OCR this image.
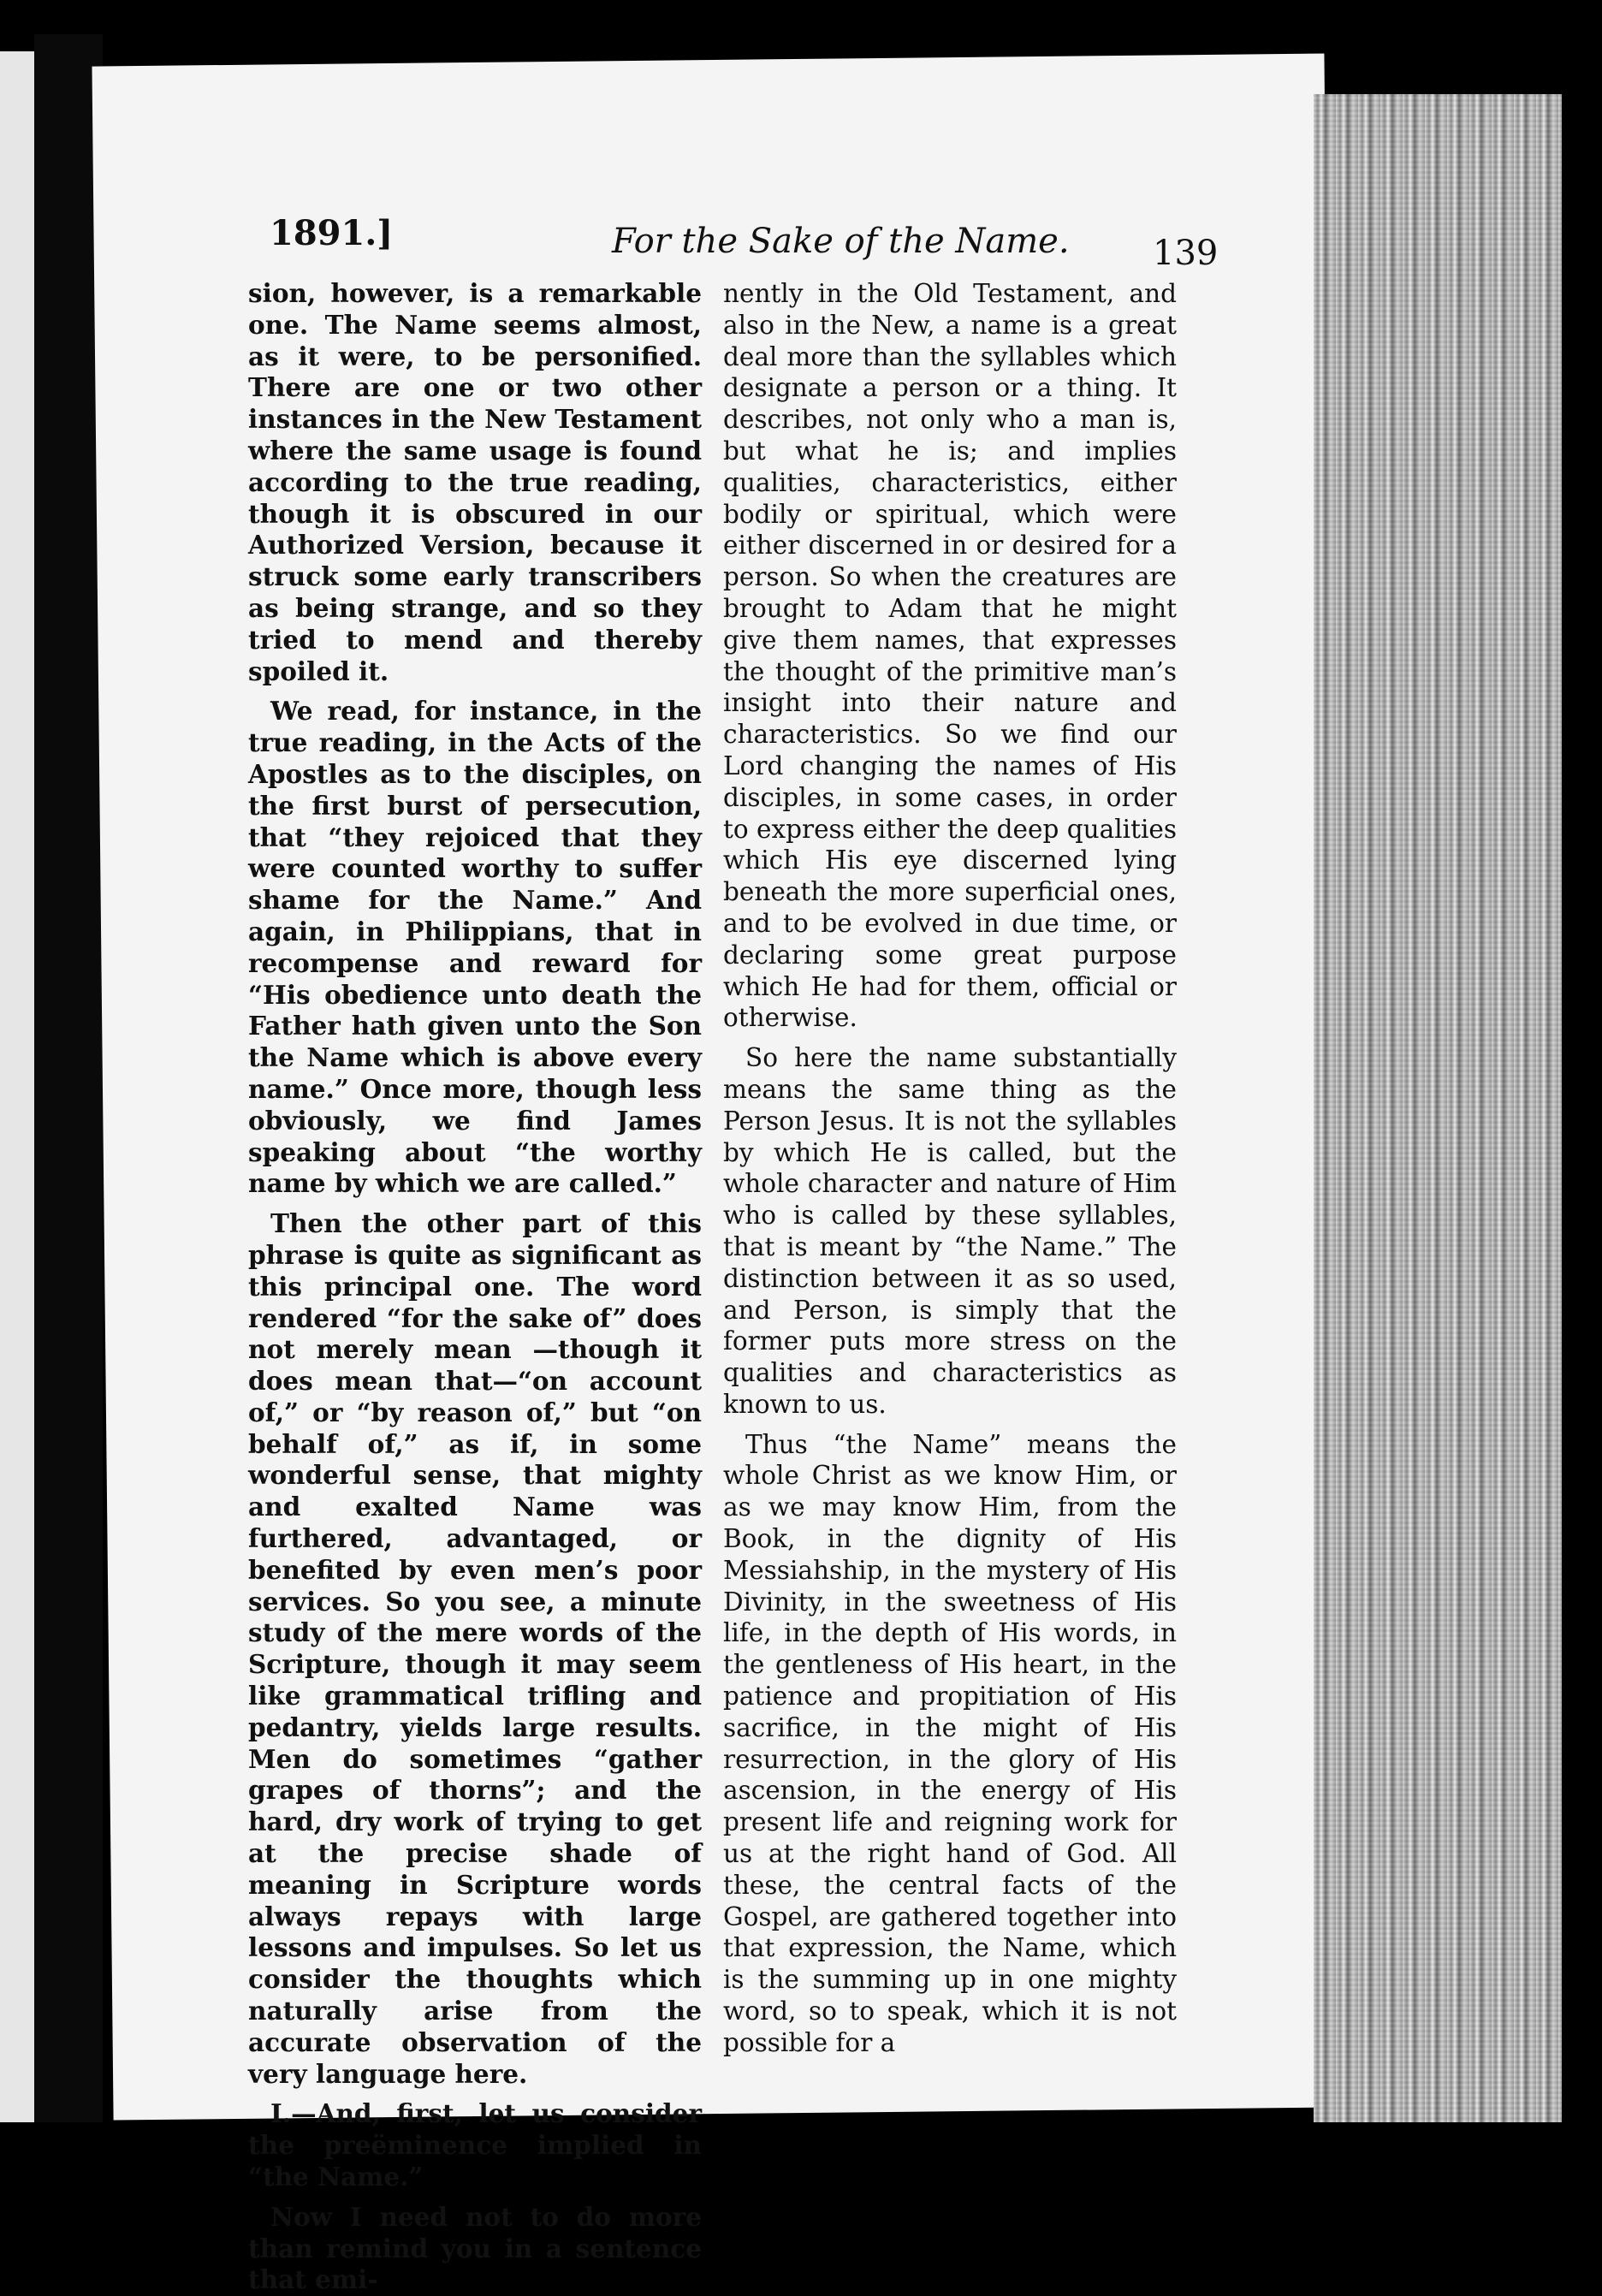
1891.]	For the Sake of the Name. 139

sion, however, is a remarkable one. The Name seems almost, as it were, to be personified. There are one or two other instances in the New Testament where the same usage is found according to the true reading, though it is obscured in our Authorized Version, because it struck some early transcribers as being strange, and so they tried to mend and thereby spoiled it.

We read, for instance, in the true reading, in the Acts of the Apostles as to the disciples, on the first burst of persecution, that “they rejoiced that they were counted worthy to suffer shame for the Name.” And again, in Philippians, that in recompense and reward for “His obedience unto death the Father hath given unto the Son the Name which is above every name.” Once more, though less obviously, we find James speaking about “the worthy name by which we are called.”

Then the other part of this phrase is quite as significant as this principal one. The word rendered “for the sake of” does not merely mean —though it does mean that—“on account of,” or “by reason of,” but “on behalf of,” as if, in some wonderful sense, that mighty and exalted Name was furthered, advantaged, or benefited by even men’s poor services. So you see, a minute study of the mere words of the Scripture, though it may seem like grammatical trifling and pedantry, yields large results. Men do sometimes “gather grapes of thorns”; and the hard, dry work of trying to get at the precise shade of meaning in Scripture words always repays with large lessons and impulses. So let us consider the thoughts which naturally arise from the accurate observation of the very language here.

I.—And, first, let us consider the preëminence implied in “the Name.”

Now I need not to do more than remind you in a sentence that emi-

nently in the Old Testament, and also in the New, a name is a great deal more than the syllables which designate a person or a thing. It describes, not only who a man is, but what he is; and implies qualities, characteristics, either bodily or spiritual, which were either discerned in or desired for a person. So when the creatures are brought to Adam that he might give them names, that expresses the thought of the primitive man’s insight into their nature and characteristics. So we find our Lord changing the names of His disciples, in some cases, in order to express either the deep qualities which His eye discerned lying beneath the more superficial ones, and to be evolved in due time, or declaring some great purpose which He had for them, official or otherwise.

So here the name substantially means the same thing as the Person Jesus. It is not the syllables by which He is called, but the whole character and nature of Him who is called by these syllables, that is meant by “the Name.” The distinction between it as so used, and Person, is simply that the former puts more stress on the qualities and characteristics as known to us.

Thus “the Name” means the whole Christ as we know Him, or as we may know Him, from the Book, in the dignity of His Messiahship, in the mystery of His Divinity, in the sweetness of His life, in the depth of His words, in the gentleness of His heart, in the patience and propitiation of His sacrifice, in the might of His resurrection, in the glory of His ascension, in the energy of His present life and reigning work for us at the right hand of God. All these, the central facts of the Gospel, are gathered together into that expression, the Name, which is the summing up in one mighty word, so to speak, which it is not possible for a
